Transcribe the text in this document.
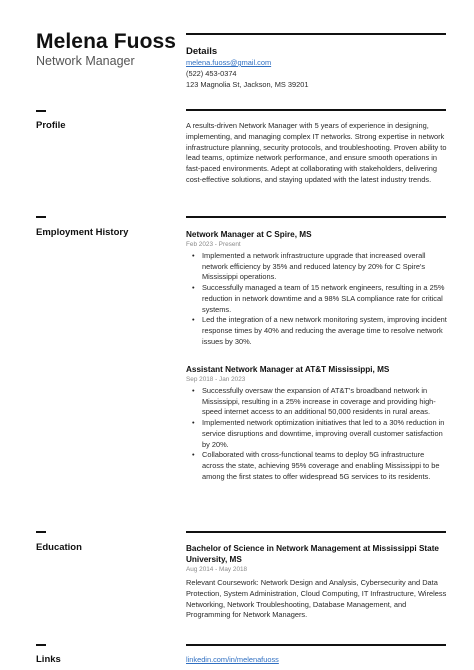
Melena Fuoss
Network Manager
Details
melena.fuoss@gmail.com
(522) 453-0374
123 Magnolia St, Jackson, MS 39201
Profile	A results-driven Network Manager with 5 years of experience in designing, implementing, and managing complex IT networks. Strong expertise in network infrastructure planning, security protocols, and troubleshooting. Proven ability to lead teams, optimize network performance, and ensure smooth operations in fast-paced environments. Adept at collaborating with stakeholders, delivering cost-effective solutions, and staying updated with the latest industry trends.
Employment History	Network Manager at C Spire, MS
Feb 2023 - Present
• Implemented a network infrastructure upgrade that increased overall network efficiency by 35% and reduced latency by 20% for C Spire's Mississippi operations.
• Successfully managed a team of 15 network engineers, resulting in a 25% reduction in network downtime and a 98% SLA compliance rate for critical systems.
• Led the integration of a new network monitoring system, improving incident response times by 40% and reducing the average time to resolve network issues by 30%.
Assistant Network Manager at AT&T Mississippi, MS
Sep 2018 - Jan 2023
• Successfully oversaw the expansion of AT&T's broadband network in Mississippi, resulting in a 25% increase in coverage and providing high-speed internet access to an additional 50,000 residents in rural areas.
• Implemented network optimization initiatives that led to a 30% reduction in service disruptions and downtime, improving overall customer satisfaction by 20%.
• Collaborated with cross-functional teams to deploy 5G infrastructure across the state, achieving 95% coverage and enabling Mississippi to be among the first states to offer widespread 5G services to its residents.
Education	Bachelor of Science in Network Management at Mississippi State University, MS
Aug 2014 - May 2018
Relevant Coursework: Network Design and Analysis, Cybersecurity and Data Protection, System Administration, Cloud Computing, IT Infrastructure, Wireless Networking, Network Troubleshooting, Database Management, and Programming for Network Managers.
Links	linkedin.com/in/melenafuoss
